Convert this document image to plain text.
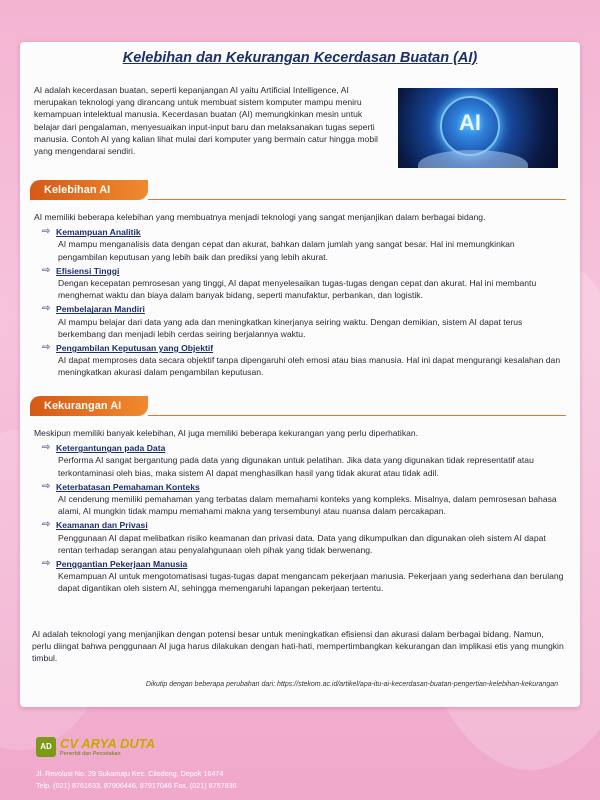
Kelebihan dan Kekurangan Kecerdasan Buatan (AI)

AI adalah kecerdasan buatan, seperti kepanjangan AI yaitu Artificial Intelligence, AI merupakan teknologi yang dirancang untuk membuat sistem komputer mampu meniru kemampuan intelektual manusia. Kecerdasan buatan (AI) memungkinkan mesin untuk belajar dari pengalaman, menyesuaikan input-input baru dan melaksanakan tugas seperti manusia. Contoh AI yang kalian lihat mulai dari komputer yang bermain catur hingga mobil yang mengendarai sendiri.

AI
Kelebihan AI

AI memiliki beberapa kelebihan yang membuatnya menjadi teknologi yang sangat menjanjikan dalam berbagai bidang.

⇨ Kemampuan Analitik

AI mampu menganalisis data dengan cepat dan akurat, bahkan dalam jumlah yang sangat besar. Hal ini memungkinkan pengambilan keputusan yang lebih baik dan prediksi yang lebih akurat.

⇨ Efisiensi Tinggi

Dengan kecepatan pemrosesan yang tinggi, AI dapat menyelesaikan tugas-tugas dengan cepat dan akurat. Hal ini membantu menghemat waktu dan biaya dalam banyak bidang, seperti manufaktur, perbankan, dan logistik.

⇨ Pembelajaran Mandiri

AI mampu belajar dari data yang ada dan meningkatkan kinerjanya seiring waktu. Dengan demikian, sistem AI dapat terus berkembang dan menjadi lebih cerdas seiring berjalannya waktu.

⇨ Pengambilan Keputusan yang Objektif

AI dapat memproses data secara objektif tanpa dipengaruhi oleh emosi atau bias manusia. Hal ini dapat mengurangi kesalahan dan meningkatkan akurasi dalam pengambilan keputusan.

Kekurangan AI

Meskipun memiliki banyak kelebihan, AI juga memiliki beberapa kekurangan yang perlu diperhatikan.

⇨ Ketergantungan pada Data

Performa AI sangat bergantung pada data yang digunakan untuk pelatihan. Jika data yang digunakan tidak representatif atau terkontaminasi oleh bias, maka sistem AI dapat menghasilkan hasil yang tidak akurat atau tidak adil.

⇨ Keterbatasan Pemahaman Konteks

AI cenderung memiliki pemahaman yang terbatas dalam memahami konteks yang kompleks. Misalnya, dalam pemrosesan bahasa alami, AI mungkin tidak mampu memahami makna yang tersembunyi atau nuansa dalam percakapan.

⇨ Keamanan dan Privasi

Penggunaan AI dapat melibatkan risiko keamanan dan privasi data. Data yang dikumpulkan dan digunakan oleh sistem AI dapat rentan terhadap serangan atau penyalahgunaan oleh pihak yang tidak berwenang.

⇨ Penggantian Pekerjaan Manusia

Kemampuan AI untuk mengotomatisasi tugas-tugas dapat mengancam pekerjaan manusia. Pekerjaan yang sederhana dan berulang dapat digantikan oleh sistem AI, sehingga memengaruhi lapangan pekerjaan tertentu.

AI adalah teknologi yang menjanjikan dengan potensi besar untuk meningkatkan efisiensi dan akurasi dalam berbagai bidang. Namun, perlu diingat bahwa penggunaan AI juga harus dilakukan dengan hati-hati, mempertimbangkan kekurangan dan implikasi etis yang mungkin timbul.

Dikutip dengan beberapa perubahan dari: https://stekom.ac.id/artikel/apa-itu-ai-kecerdasan-buatan-pengertian-kelebihan-kekurangan

AD CV ARYA DUTA
Penerbit dan Percetakan
Jl. Revolusi No. 29 Sukamaju Kec. Cilodong, Depok 16474
Telp. (021) 8761633, 87906446, 87917046 Fax. (021) 8757836
